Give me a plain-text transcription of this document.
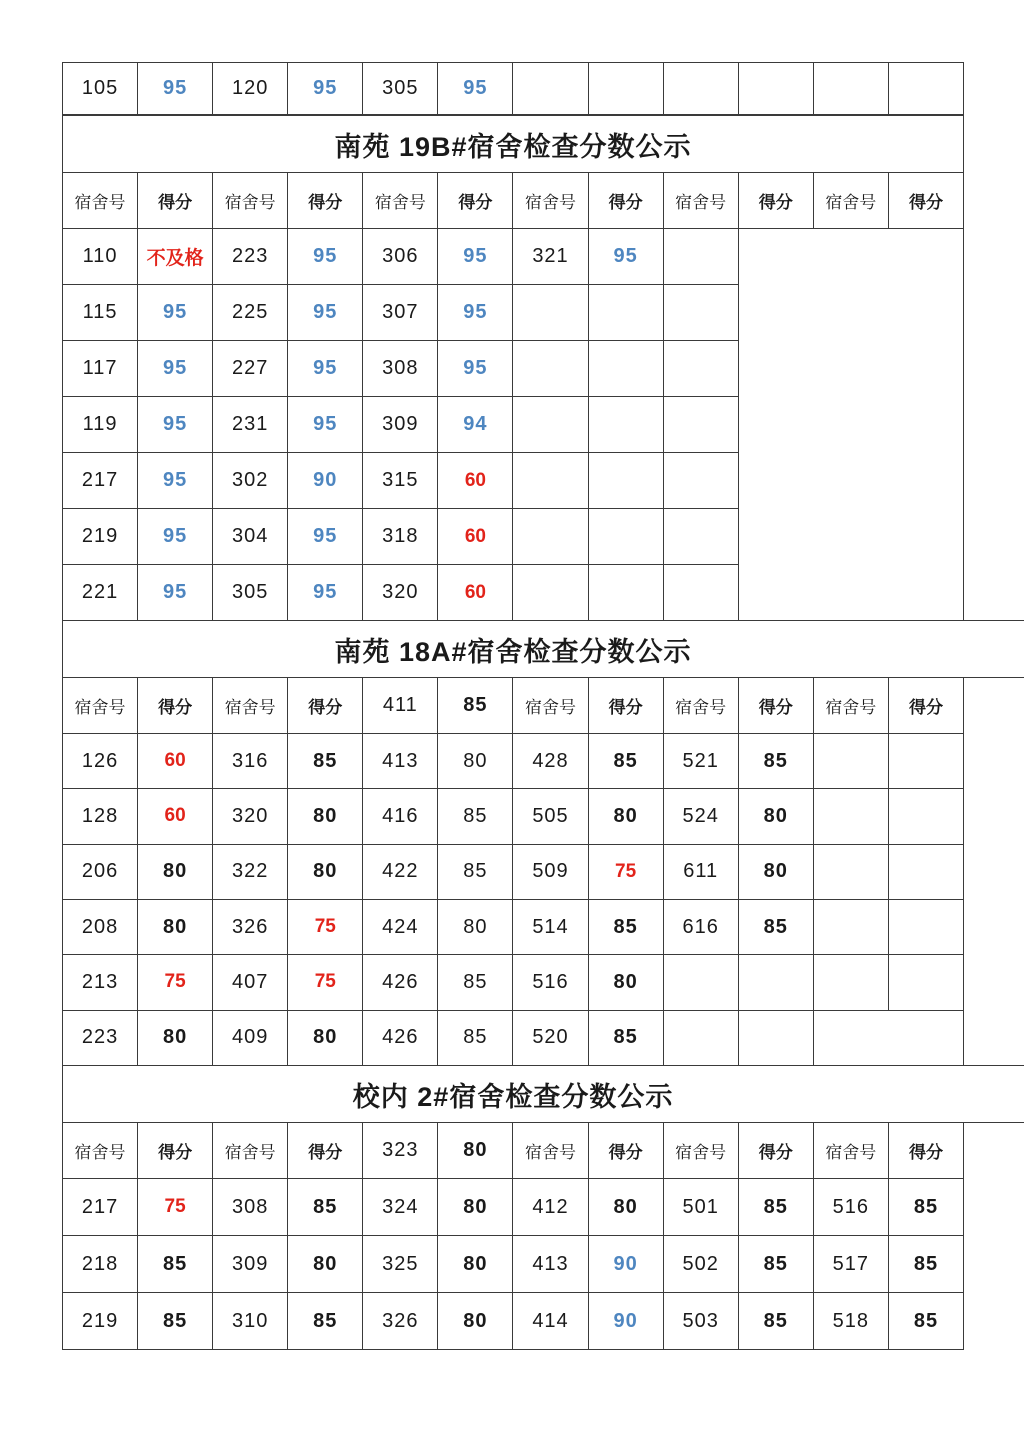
105	95	120	95	305	95						
南苑 19B#宿舍检查分数公示											
宿舍号	得分	宿舍号	得分	宿舍号	得分	宿舍号	得分	宿舍号	得分	宿舍号	得分
110	不及格	223	95	306	95	321	95				
115	95	225	95	307	95						
117	95	227	95	308	95						
119	95	231	95	309	94						
217	95	302	90	315	60						
219	95	304	95	318	60						
221	95	305	95	320	60						
南苑 18A#宿舍检查分数公示											
宿舍号	得分	宿舍号	得分	411	85	宿舍号	得分	宿舍号	得分	宿舍号	得分
126	60	316	85	413	80	428	85	521	85		
128	60	320	80	416	85	505	80	524	80		
206	80	322	80	422	85	509	75	611	80		
208	80	326	75	424	80	514	85	616	85		
213	75	407	75	426	85	516	80				
223	80	409	80	426	85	520	85				
校内 2#宿舍检查分数公示											
宿舍号	得分	宿舍号	得分	323	80	宿舍号	得分	宿舍号	得分	宿舍号	得分
217	75	308	85	324	80	412	80	501	85	516	85
218	85	309	80	325	80	413	90	502	85	517	85
219	85	310	85	326	80	414	90	503	85	518	85
